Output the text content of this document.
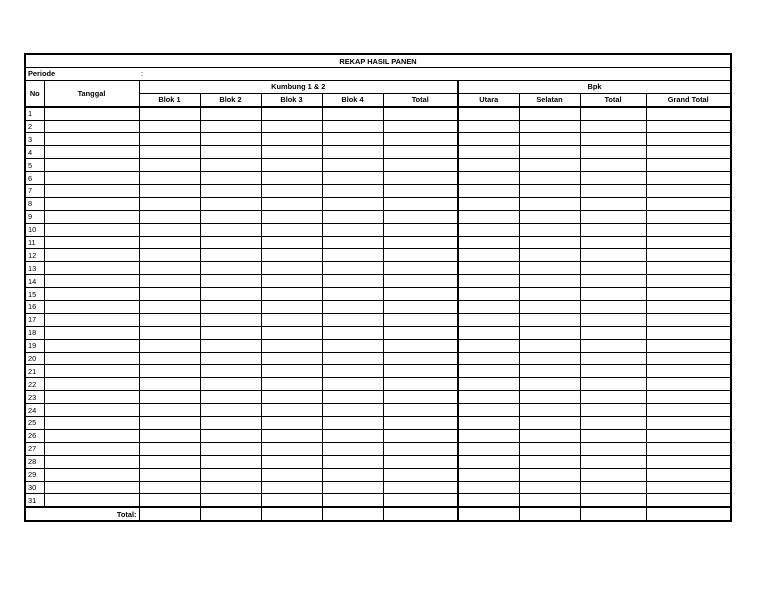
REKAP HASIL PANEN										
Periode		:								
No	Tanggal	Kumbung 1 & 2					Bpk			
		Blok 1	Blok 2	Blok 3	Blok 4	Total	Utara	Selatan	Total	Grand Total
1										
2										
3										
4										
5										
6										
7										
8										
9										
10										
11										
12										
13										
14										
15										
16										
17										
18										
19										
20										
21										
22										
23										
24										
25										
26										
27										
28										
29										
30										
31										
Total:										
